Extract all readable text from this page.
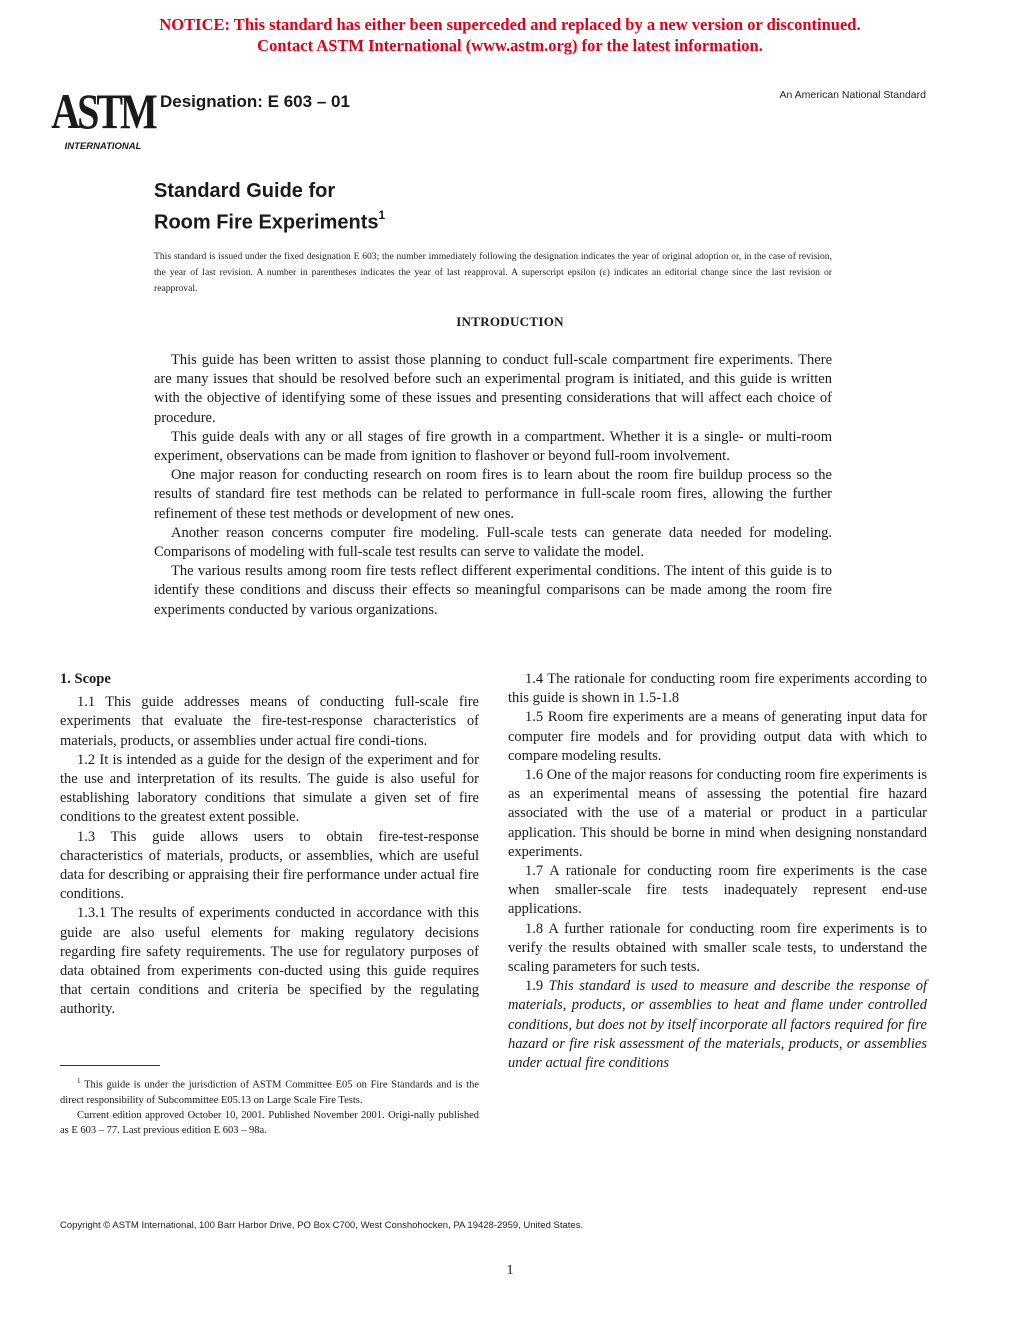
NOTICE: This standard has either been superceded and replaced by a new version or discontinued.
Contact ASTM International (www.astm.org) for the latest information.
ASTM
INTERNATIONAL
Designation: E 603 – 01	An American National Standard
Standard Guide for
Room Fire Experiments$^1$
This standard is issued under the fixed designation E 603; the number immediately following the designation indicates the year of original adoption or, in the case of revision, the year of last revision. A number in parentheses indicates the year of last reapproval. A superscript epsilon (ε) indicates an editorial change since the last revision or reapproval.
INTRODUCTION

This guide has been written to assist those planning to conduct full-scale compartment fire experiments. There are many issues that should be resolved before such an experimental program is initiated, and this guide is written with the objective of identifying some of these issues and presenting considerations that will affect each choice of procedure.

This guide deals with any or all stages of fire growth in a compartment. Whether it is a single- or multi-room experiment, observations can be made from ignition to flashover or beyond full-room involvement.

One major reason for conducting research on room fires is to learn about the room fire buildup process so the results of standard fire test methods can be related to performance in full-scale room fires, allowing the further refinement of these test methods or development of new ones.

Another reason concerns computer fire modeling. Full-scale tests can generate data needed for modeling. Comparisons of modeling with full-scale test results can serve to validate the model.

The various results among room fire tests reflect different experimental conditions. The intent of this guide is to identify these conditions and discuss their effects so meaningful comparisons can be made among the room fire experiments conducted by various organizations.

1. Scope

1.1 This guide addresses means of conducting full-scale fire experiments that evaluate the fire-test-response characteristics of materials, products, or assemblies under actual fire condi-tions.

1.2 It is intended as a guide for the design of the experiment and for the use and interpretation of its results. The guide is also useful for establishing laboratory conditions that simulate a given set of fire conditions to the greatest extent possible.

1.3 This guide allows users to obtain fire-test-response characteristics of materials, products, or assemblies, which are useful data for describing or appraising their fire performance under actual fire conditions.

1.3.1 The results of experiments conducted in accordance with this guide are also useful elements for making regulatory decisions regarding fire safety requirements. The use for regulatory purposes of data obtained from experiments con-ducted using this guide requires that certain conditions and criteria be specified by the regulating authority.

1.4 The rationale for conducting room fire experiments according to this guide is shown in 1.5-1.8

1.5 Room fire experiments are a means of generating input data for computer fire models and for providing output data with which to compare modeling results.

1.6 One of the major reasons for conducting room fire experiments is as an experimental means of assessing the potential fire hazard associated with the use of a material or product in a particular application. This should be borne in mind when designing nonstandard experiments.

1.7 A rationale for conducting room fire experiments is the case when smaller-scale fire tests inadequately represent end-use applications.

1.8 A further rationale for conducting room fire experiments is to verify the results obtained with smaller scale tests, to understand the scaling parameters for such tests.

1.9 This standard is used to measure and describe the response of materials, products, or assemblies to heat and flame under controlled conditions, but does not by itself incorporate all factors required for fire hazard or fire risk assessment of the materials, products, or assemblies under actual fire conditions

$^1$ This guide is under the jurisdiction of ASTM Committee E05 on Fire Standards and is the direct responsibility of Subcommittee E05.13 on Large Scale Fire Tests.

Current edition approved October 10, 2001. Published November 2001. Origi-nally published as E 603 – 77. Last previous edition E 603 – 98a.

Copyright © ASTM International, 100 Barr Harbor Drive, PO Box C700, West Conshohocken, PA 19428-2959, United States.
1
